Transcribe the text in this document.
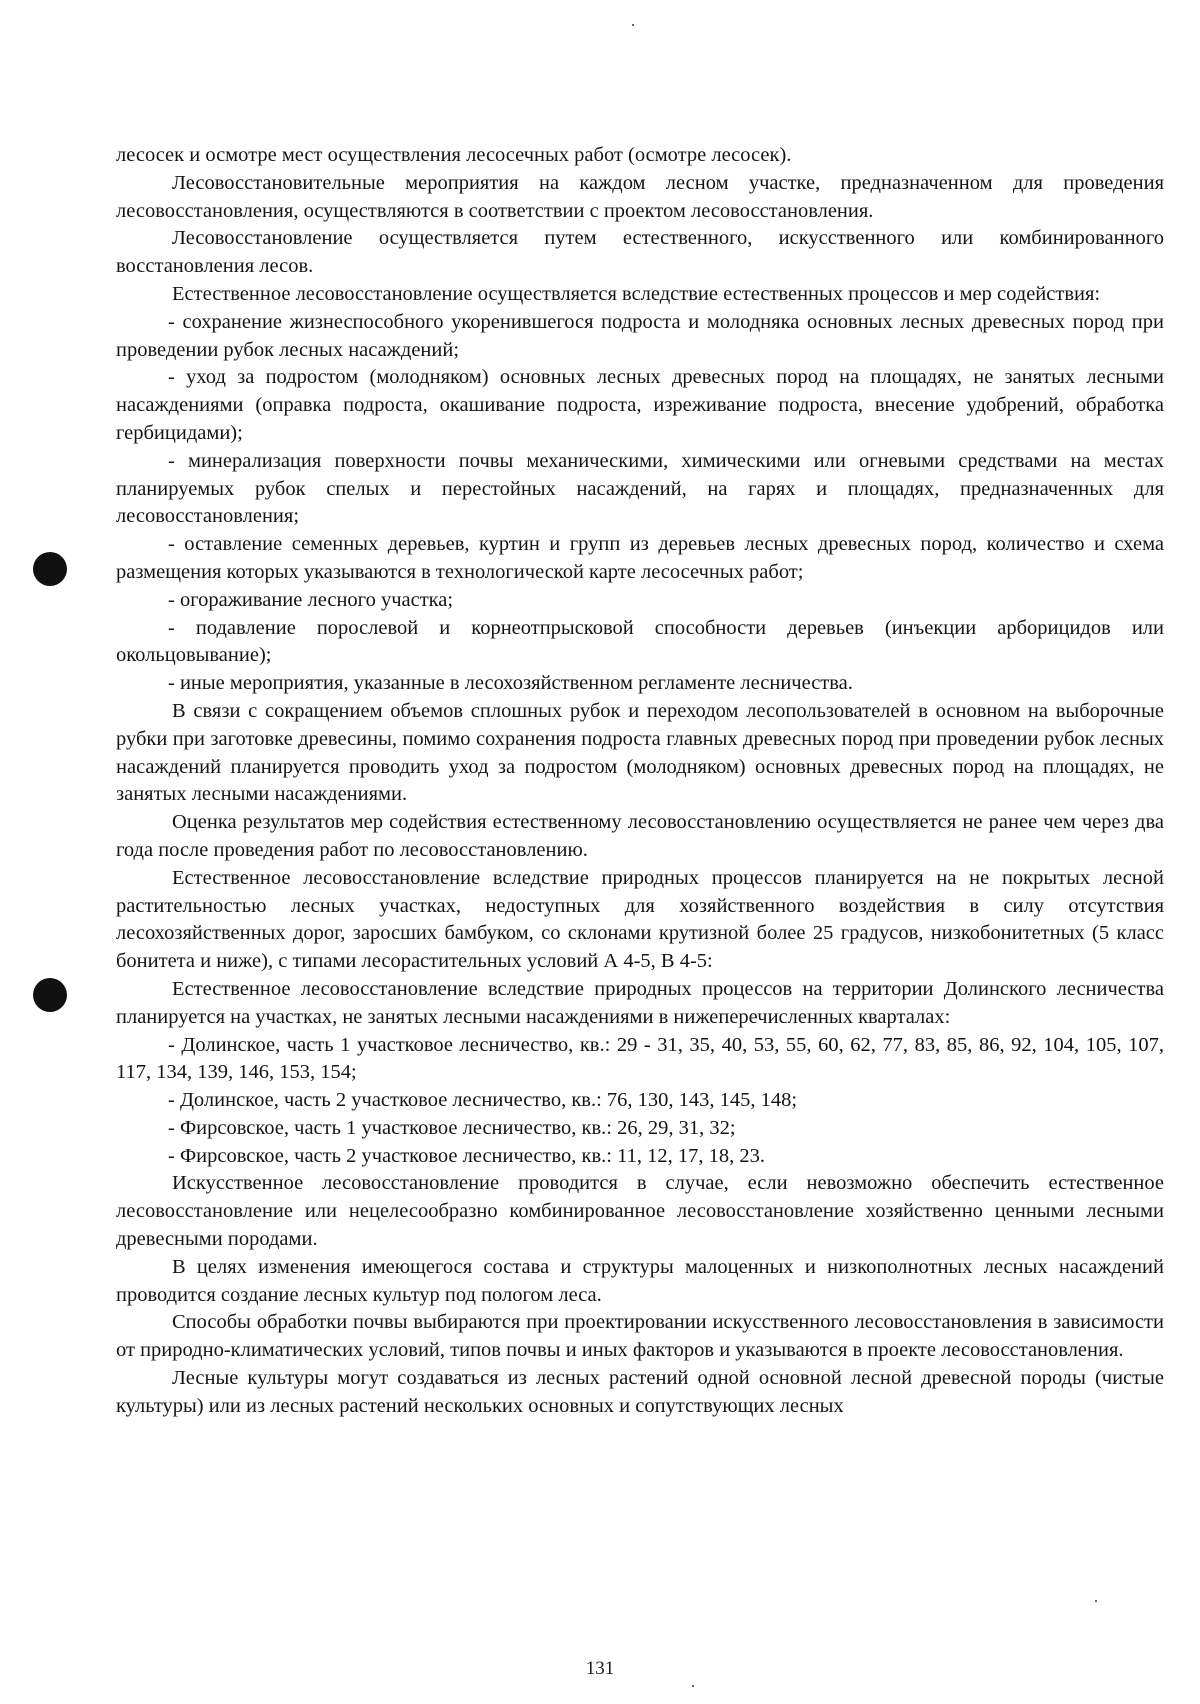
лесосек и осмотре мест осуществления лесосечных работ (осмотре лесосек).

Лесовосстановительные мероприятия на каждом лесном участке, предназначенном для проведения лесовосстановления, осуществляются в соответствии с проектом лесовосстановления.

Лесовосстановление осуществляется путем естественного, искусственного или комбинированного восстановления лесов.

Естественное лесовосстановление осуществляется вследствие естественных процессов и мер содействия:

- сохранение жизнеспособного укоренившегося подроста и молодняка основных лесных древесных пород при проведении рубок лесных насаждений;

- уход за подростом (молодняком) основных лесных древесных пород на площадях, не занятых лесными насаждениями (оправка подроста, окашивание подроста, изреживание подроста, внесение удобрений, обработка гербицидами);

- минерализация поверхности почвы механическими, химическими или огневыми средствами на местах планируемых рубок спелых и перестойных насаждений, на гарях и площадях, предназначенных для лесовосстановления;

- оставление семенных деревьев, куртин и групп из деревьев лесных древесных пород, количество и схема размещения которых указываются в технологической карте лесосечных работ;

- огораживание лесного участка;

- подавление порослевой и корнеотпрысковой способности деревьев (инъекции арборицидов или окольцовывание);

- иные мероприятия, указанные в лесохозяйственном регламенте лесничества.

В связи с сокращением объемов сплошных рубок и переходом лесопользователей в основном на выборочные рубки при заготовке древесины, помимо сохранения подроста главных древесных пород при проведении рубок лесных насаждений планируется проводить уход за подростом (молодняком) основных древесных пород на площадях, не занятых лесными насаждениями.

Оценка результатов мер содействия естественному лесовосстановлению осуществляется не ранее чем через два года после проведения работ по лесовосстановлению.

Естественное лесовосстановление вследствие природных процессов планируется на не покрытых лесной растительностью лесных участках, недоступных для хозяйственного воздействия в силу отсутствия лесохозяйственных дорог, заросших бамбуком, со склонами крутизной более 25 градусов, низкобонитетных (5 класс бонитета и ниже), с типами лесорастительных условий А 4-5, В 4-5:

Естественное лесовосстановление вследствие природных процессов на территории Долинского лесничества планируется на участках, не занятых лесными насаждениями в нижеперечисленных кварталах:

- Долинское, часть 1 участковое лесничество, кв.: 29 - 31, 35, 40, 53, 55, 60, 62, 77, 83, 85, 86, 92, 104, 105, 107, 117, 134, 139, 146, 153, 154;

- Долинское, часть 2 участковое лесничество, кв.: 76, 130, 143, 145, 148;

- Фирсовское, часть 1 участковое лесничество, кв.: 26, 29, 31, 32;

- Фирсовское, часть 2 участковое лесничество, кв.: 11, 12, 17, 18, 23.

Искусственное лесовосстановление проводится в случае, если невозможно обеспечить естественное лесовосстановление или нецелесообразно комбинированное лесовосстановление хозяйственно ценными лесными древесными породами.

В целях изменения имеющегося состава и структуры малоценных и низкополнотных лесных насаждений проводится создание лесных культур под пологом леса.

Способы обработки почвы выбираются при проектировании искусственного лесовосстановления в зависимости от природно-климатических условий, типов почвы и иных факторов и указываются в проекте лесовосстановления.

Лесные культуры могут создаваться из лесных растений одной основной лесной древесной породы (чистые культуры) или из лесных растений нескольких основных и сопутствующих лесных

131
